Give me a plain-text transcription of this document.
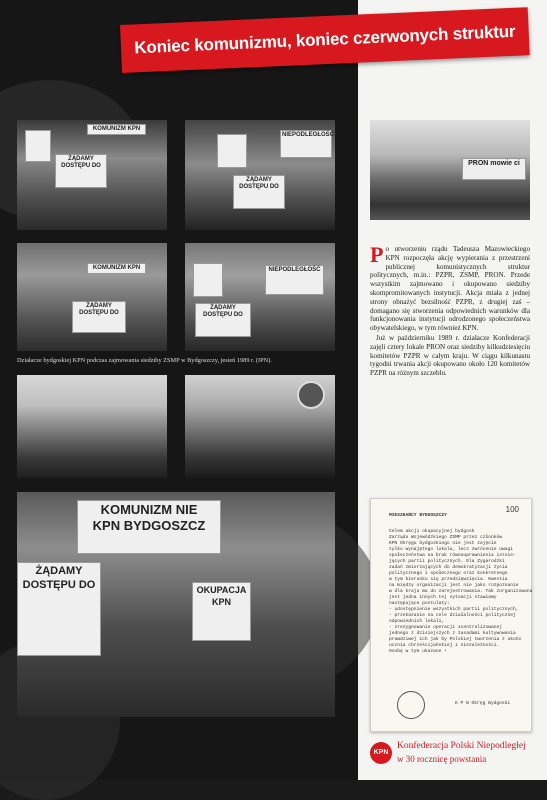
Koniec komunizmu, koniec czerwonych struktur
KOMUNIZM KPN
ŻĄDAMY
DOSTĘPU DO
NIEPODLEGŁOŚĆ
ŻĄDAMY
DOSTĘPU DO
KOMUNIZM KPN
ŻĄDAMY
DOSTĘPU DO
NIEPODLEGŁOŚĆ
ŻĄDAMY
DOSTĘPU DO
Działacze bydgoskiej KPN podczas zajmowania siedziby ZSMP w Bydgoszczy, jesień 1989 r. (IPN).
KOMUNIZM NIE
KPN BYDGOSZCZ
ŻĄDAMY
DOSTĘPU DO	OKUPACJA
KPN
PRON mowie ci

Po utworzeniu rządu Tadeusza Mazowieckiego KPN rozpoczęła akcję wypierania z przestrzeni publicznej komunistycznych struktur politycznych, m.in.: PZPR, ZSMP, PRON. Przede wszystkim zajmowano i okupowano siedziby skompromitowanych instytucji. Akcja miała z jednej strony obnażyć bezsilność PZPR, z drugiej zaś – domagano się stworzenia odpowiednich warunków dla funkcjonowania instytucji odrodzonego społeczeństwa obywatelskiego, w tym również KPN.

Już w październiku 1989 r. działacze Konfederacji zajęli cztery lokale PRON oraz siedziby kilkudziesięciu komitetów PZPR w całym kraju. W ciągu kilkunastu tygodni trwania akcji okupowano około 120 komitetów PZPR na różnym szczeblu.

100
MIESZKAŃCY BYDGOSZCZY
Celem akcji okupacyjnej bydgosk
Zarządu Wojewódzkiego ZSMP przez członków
KPN Okręgu bydgoskiego nie jest zajęcie
tylko wynajętego lokalu, lecz zwrócenie uwagi
społeczeństwa na brak równouprawnienia istnie-
jących partii politycznych. Dla Zygarodzki
zadań zmierzających do demokratyzacji życia
politycznego i społecznego oraz konkretnego
w tym kierunku się przedsięwzięcia. Kwestia
na między organizacji jest nie jako rozpoznanie
w dla kraju ma do zarejestrowania. Tak zorganizowana
jest jedna innych tej sytuacji stawiamy
następujące postulaty:
- udostępnienie wszystkich partii politycznych,
- przekazanie na cele działalności politycznej
odpowiednich lokali,
- zrezygnowanie operacji scentralizowanej
jednego z dzisiejszych z zasadami kultywowania
prawdziwej ich jak by Polskiej tworzenia z ukońc
ucznia chrześcijańskiej i niezależności.
Osobę w tym ukazane !
K P N Okręg Bydgoski
KPN
Konfederacja Polski Niepodległej
w 30 rocznicę powstania
